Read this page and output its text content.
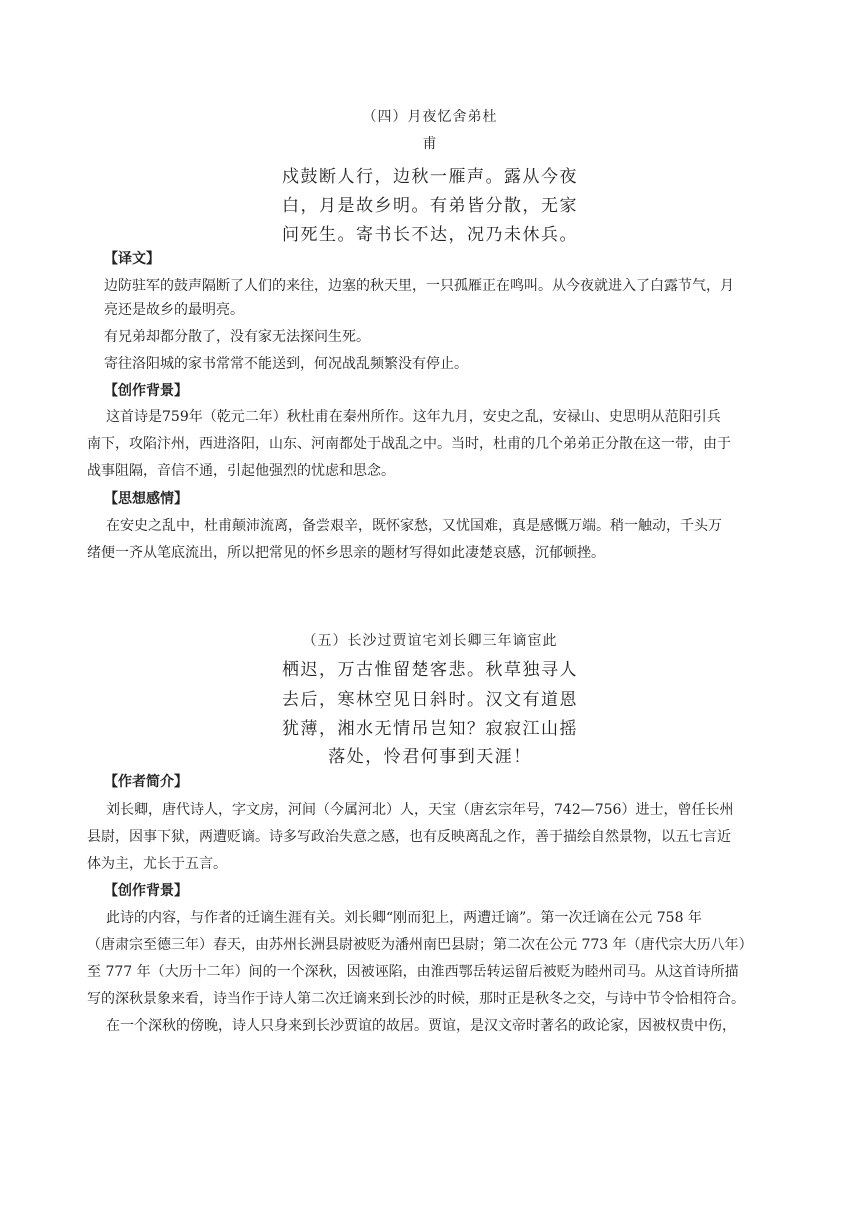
（四）月夜忆舍弟杜
甫
戍鼓断人行，边秋一雁声。露从今夜
白，月是故乡明。有弟皆分散，无家
问死生。寄书长不达，况乃未休兵。
【译文】
边防驻军的鼓声隔断了人们的来往，边塞的秋天里，一只孤雁正在鸣叫。从今夜就进入了白露节气，月
亮还是故乡的最明亮。
有兄弟却都分散了，没有家无法探问生死。
寄往洛阳城的家书常常不能送到，何况战乱频繁没有停止。
【创作背景】
这首诗是759年（乾元二年）秋杜甫在秦州所作。这年九月，安史之乱，安禄山、史思明从范阳引兵
南下，攻陷汴州，西进洛阳，山东、河南都处于战乱之中。当时，杜甫的几个弟弟正分散在这一带，由于
战事阻隔，音信不通，引起他强烈的忧虑和思念。
【思想感情】
在安史之乱中，杜甫颠沛流离，备尝艰辛，既怀家愁，又忧国难，真是感慨万端。稍一触动，千头万
绪便一齐从笔底流出，所以把常见的怀乡思亲的题材写得如此凄楚哀感，沉郁顿挫。
（五）长沙过贾谊宅刘长卿三年谪宦此
栖迟，万古惟留楚客悲。秋草独寻人
去后，寒林空见日斜时。汉文有道恩
犹薄，湘水无情吊岂知？寂寂江山摇
落处，怜君何事到天涯！
【作者简介】
刘长卿，唐代诗人，字文房，河间（今属河北）人，天宝（唐玄宗年号，742—756）进士，曾任长州
县尉，因事下狱，两遭贬谪。诗多写政治失意之感，也有反映离乱之作，善于描绘自然景物，以五七言近
体为主，尤长于五言。
【创作背景】
此诗的内容，与作者的迁谪生涯有关。刘长卿“刚而犯上，两遭迁谪”。第一次迁谪在公元 758 年
（唐肃宗至德三年）春天，由苏州长洲县尉被贬为潘州南巴县尉；第二次在公元 773 年（唐代宗大历八年）
至 777 年（大历十二年）间的一个深秋，因被诬陷，由淮西鄂岳转运留后被贬为睦州司马。从这首诗所描
写的深秋景象来看，诗当作于诗人第二次迁谪来到长沙的时候，那时正是秋冬之交，与诗中节令恰相符合。
在一个深秋的傍晚，诗人只身来到长沙贾谊的故居。贾谊，是汉文帝时著名的政论家，因被权贵中伤，
